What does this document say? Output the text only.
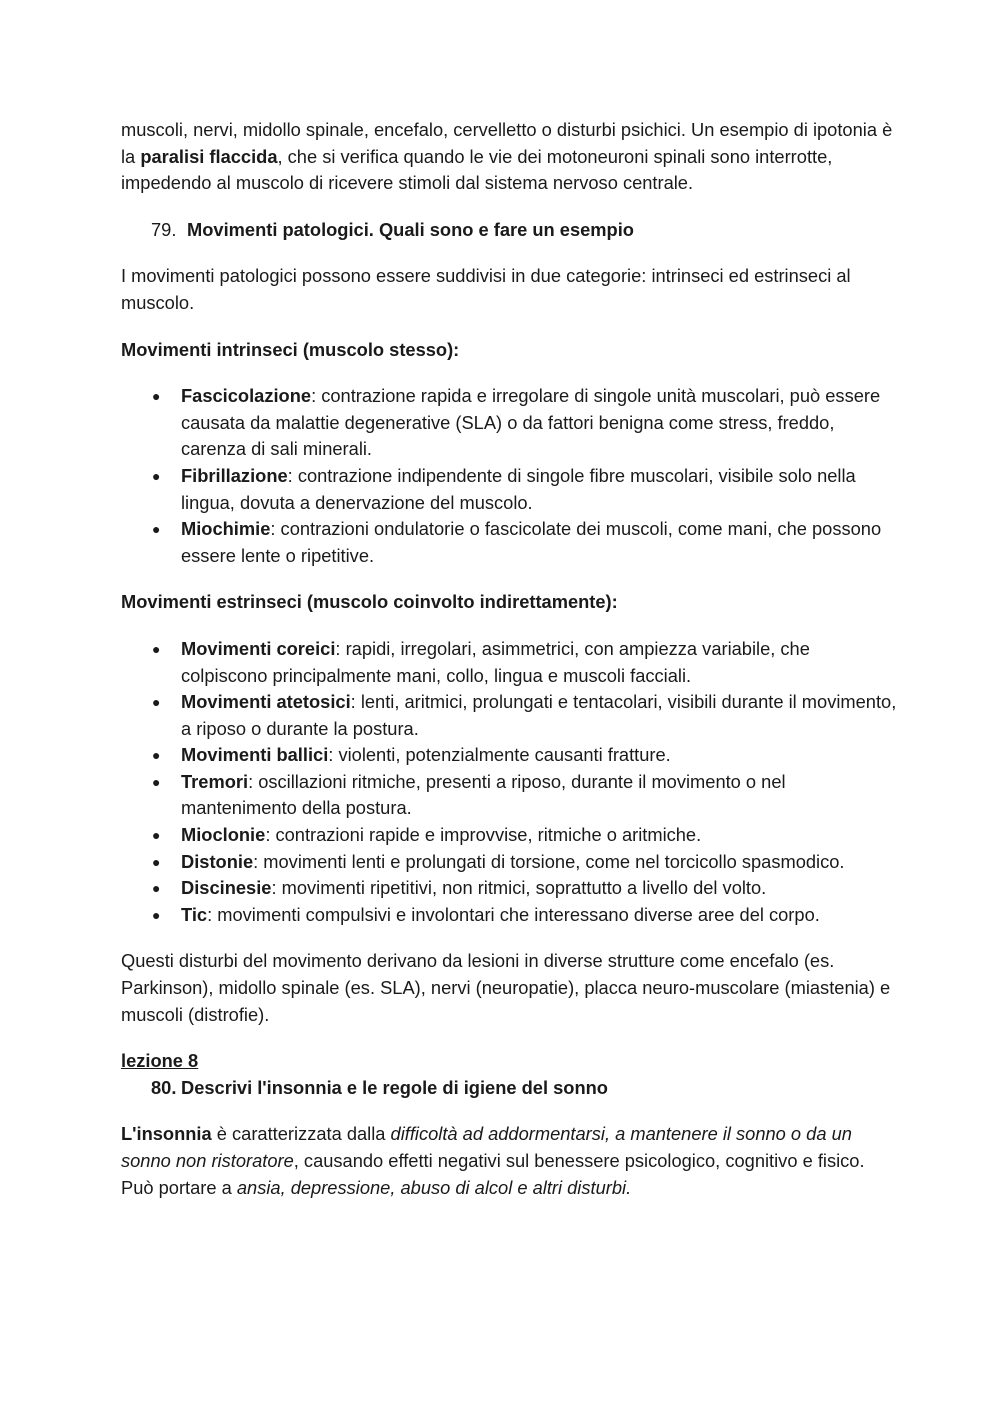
muscoli, nervi, midollo spinale, encefalo, cervelletto o disturbi psichici. Un esempio di ipotonia è la paralisi flaccida, che si verifica quando le vie dei motoneuroni spinali sono interrotte, impedendo al muscolo di ricevere stimoli dal sistema nervoso centrale.

79. Movimenti patologici. Quali sono e fare un esempio

I movimenti patologici possono essere suddivisi in due categorie: intrinseci ed estrinseci al muscolo.

Movimenti intrinseci (muscolo stesso):

● Fascicolazione: contrazione rapida e irregolare di singole unità muscolari, può essere causata da malattie degenerative (SLA) o da fattori benigna come stress, freddo, carenza di sali minerali.
● Fibrillazione: contrazione indipendente di singole fibre muscolari, visibile solo nella lingua, dovuta a denervazione del muscolo.
● Miochimie: contrazioni ondulatorie o fascicolate dei muscoli, come mani, che possono essere lente o ripetitive.

Movimenti estrinseci (muscolo coinvolto indirettamente):

● Movimenti coreici: rapidi, irregolari, asimmetrici, con ampiezza variabile, che colpiscono principalmente mani, collo, lingua e muscoli facciali.
● Movimenti atetosici: lenti, aritmici, prolungati e tentacolari, visibili durante il movimento, a riposo o durante la postura.
● Movimenti ballici: violenti, potenzialmente causanti fratture.
● Tremori: oscillazioni ritmiche, presenti a riposo, durante il movimento o nel mantenimento della postura.
● Mioclonie: contrazioni rapide e improvvise, ritmiche o aritmiche.
● Distonie: movimenti lenti e prolungati di torsione, come nel torcicollo spasmodico.
● Discinesie: movimenti ripetitivi, non ritmici, soprattutto a livello del volto.
● Tic: movimenti compulsivi e involontari che interessano diverse aree del corpo.

Questi disturbi del movimento derivano da lesioni in diverse strutture come encefalo (es. Parkinson), midollo spinale (es. SLA), nervi (neuropatie), placca neuro-muscolare (miastenia) e muscoli (distrofie).

lezione 8

80. Descrivi l'insonnia e le regole di igiene del sonno

L'insonnia è caratterizzata dalla difficoltà ad addormentarsi, a mantenere il sonno o da un sonno non ristoratore, causando effetti negativi sul benessere psicologico, cognitivo e fisico. Può portare a ansia, depressione, abuso di alcol e altri disturbi.
